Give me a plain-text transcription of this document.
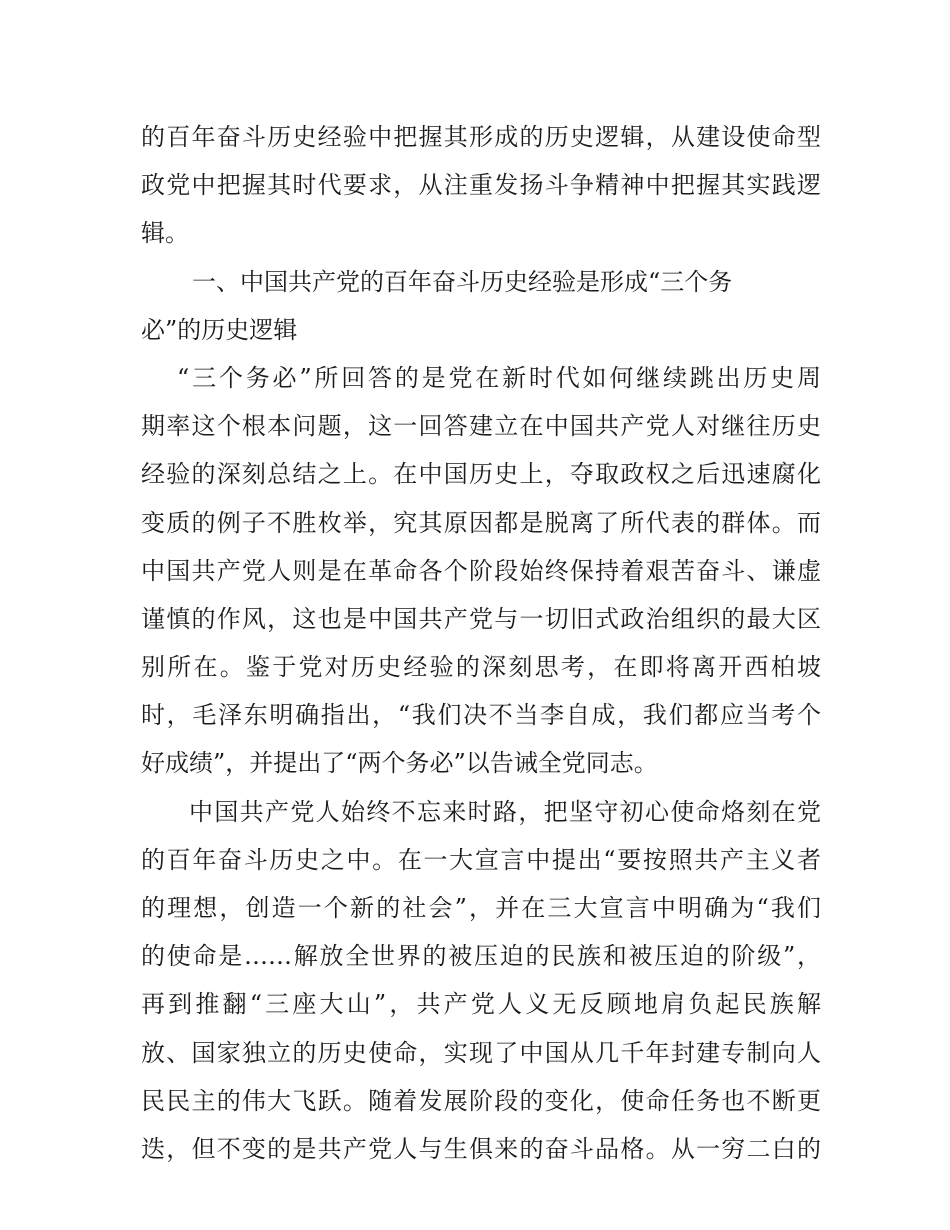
的百年奋斗历史经验中把握其形成的历史逻辑，从建设使命型
政党中把握其时代要求，从注重发扬斗争精神中把握其实践逻
辑。
一、中国共产党的百年奋斗历史经验是形成“三个务
必”的历史逻辑
“三个务必”所回答的是党在新时代如何继续跳出历史周
期率这个根本问题，这一回答建立在中国共产党人对继往历史
经验的深刻总结之上。在中国历史上，夺取政权之后迅速腐化
变质的例子不胜枚举，究其原因都是脱离了所代表的群体。而
中国共产党人则是在革命各个阶段始终保持着艰苦奋斗、谦虚
谨慎的作风，这也是中国共产党与一切旧式政治组织的最大区
别所在。鉴于党对历史经验的深刻思考，在即将离开西柏坡
时，毛泽东明确指出，“我们决不当李自成，我们都应当考个
好成绩”，并提出了“两个务必”以告诫全党同志。
中国共产党人始终不忘来时路，把坚守初心使命烙刻在党
的百年奋斗历史之中。在一大宣言中提出“要按照共产主义者
的理想，创造一个新的社会”，并在三大宣言中明确为“我们
的使命是……解放全世界的被压迫的民族和被压迫的阶级”，
再到推翻“三座大山”，共产党人义无反顾地肩负起民族解
放、国家独立的历史使命，实现了中国从几千年封建专制向人
民民主的伟大飞跃。随着发展阶段的变化，使命任务也不断更
迭，但不变的是共产党人与生俱来的奋斗品格。从一穷二白的
